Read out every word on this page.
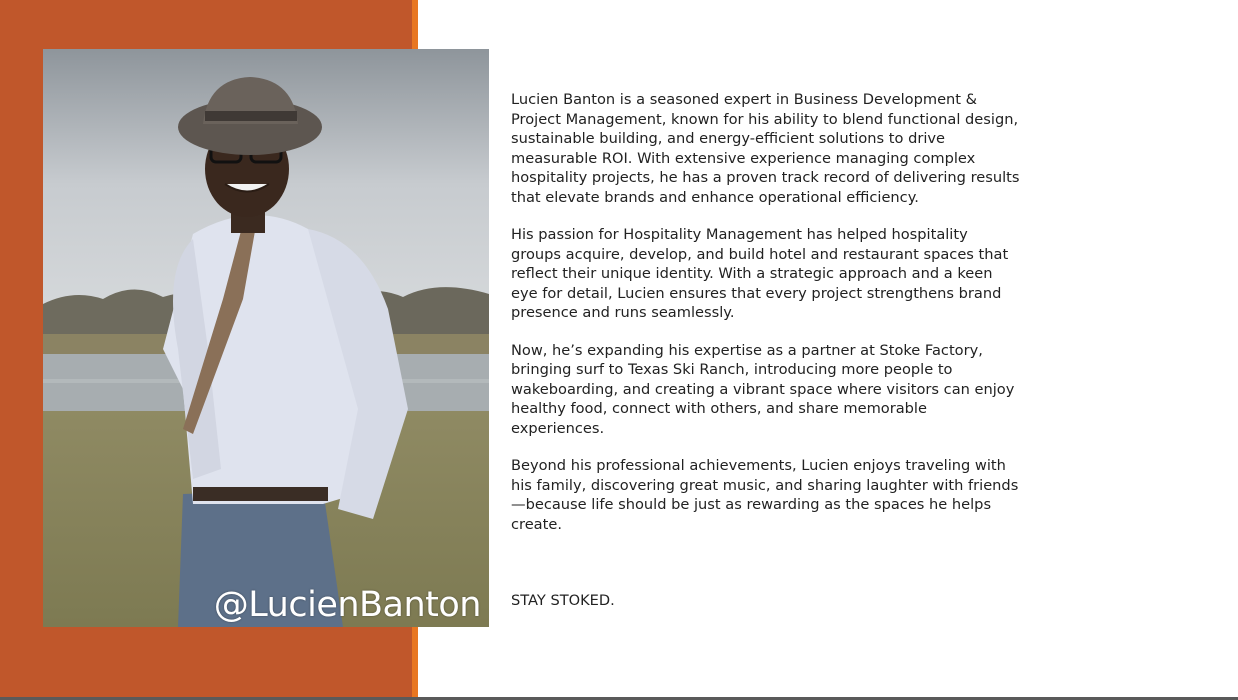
@LucienBanton

Lucien Banton is a seasoned expert in Business Development & Project Management, known for his ability to blend functional design, sustainable building, and energy-efficient solutions to drive measurable ROI. With extensive experience managing complex hospitality projects, he has a proven track record of delivering results that elevate brands and enhance operational efficiency.

His passion for Hospitality Management has helped hospitality groups acquire, develop, and build hotel and restaurant spaces that reflect their unique identity. With a strategic approach and a keen eye for detail, Lucien ensures that every project strengthens brand presence and runs seamlessly.

Now, he’s expanding his expertise as a partner at Stoke Factory, bringing surf to Texas Ski Ranch, introducing more people to wakeboarding, and creating a vibrant space where visitors can enjoy healthy food, connect with others, and share memorable experiences.

Beyond his professional achievements, Lucien enjoys traveling with his family, discovering great music, and sharing laughter with friends—because life should be just as rewarding as the spaces he helps create.

STAY STOKED.
